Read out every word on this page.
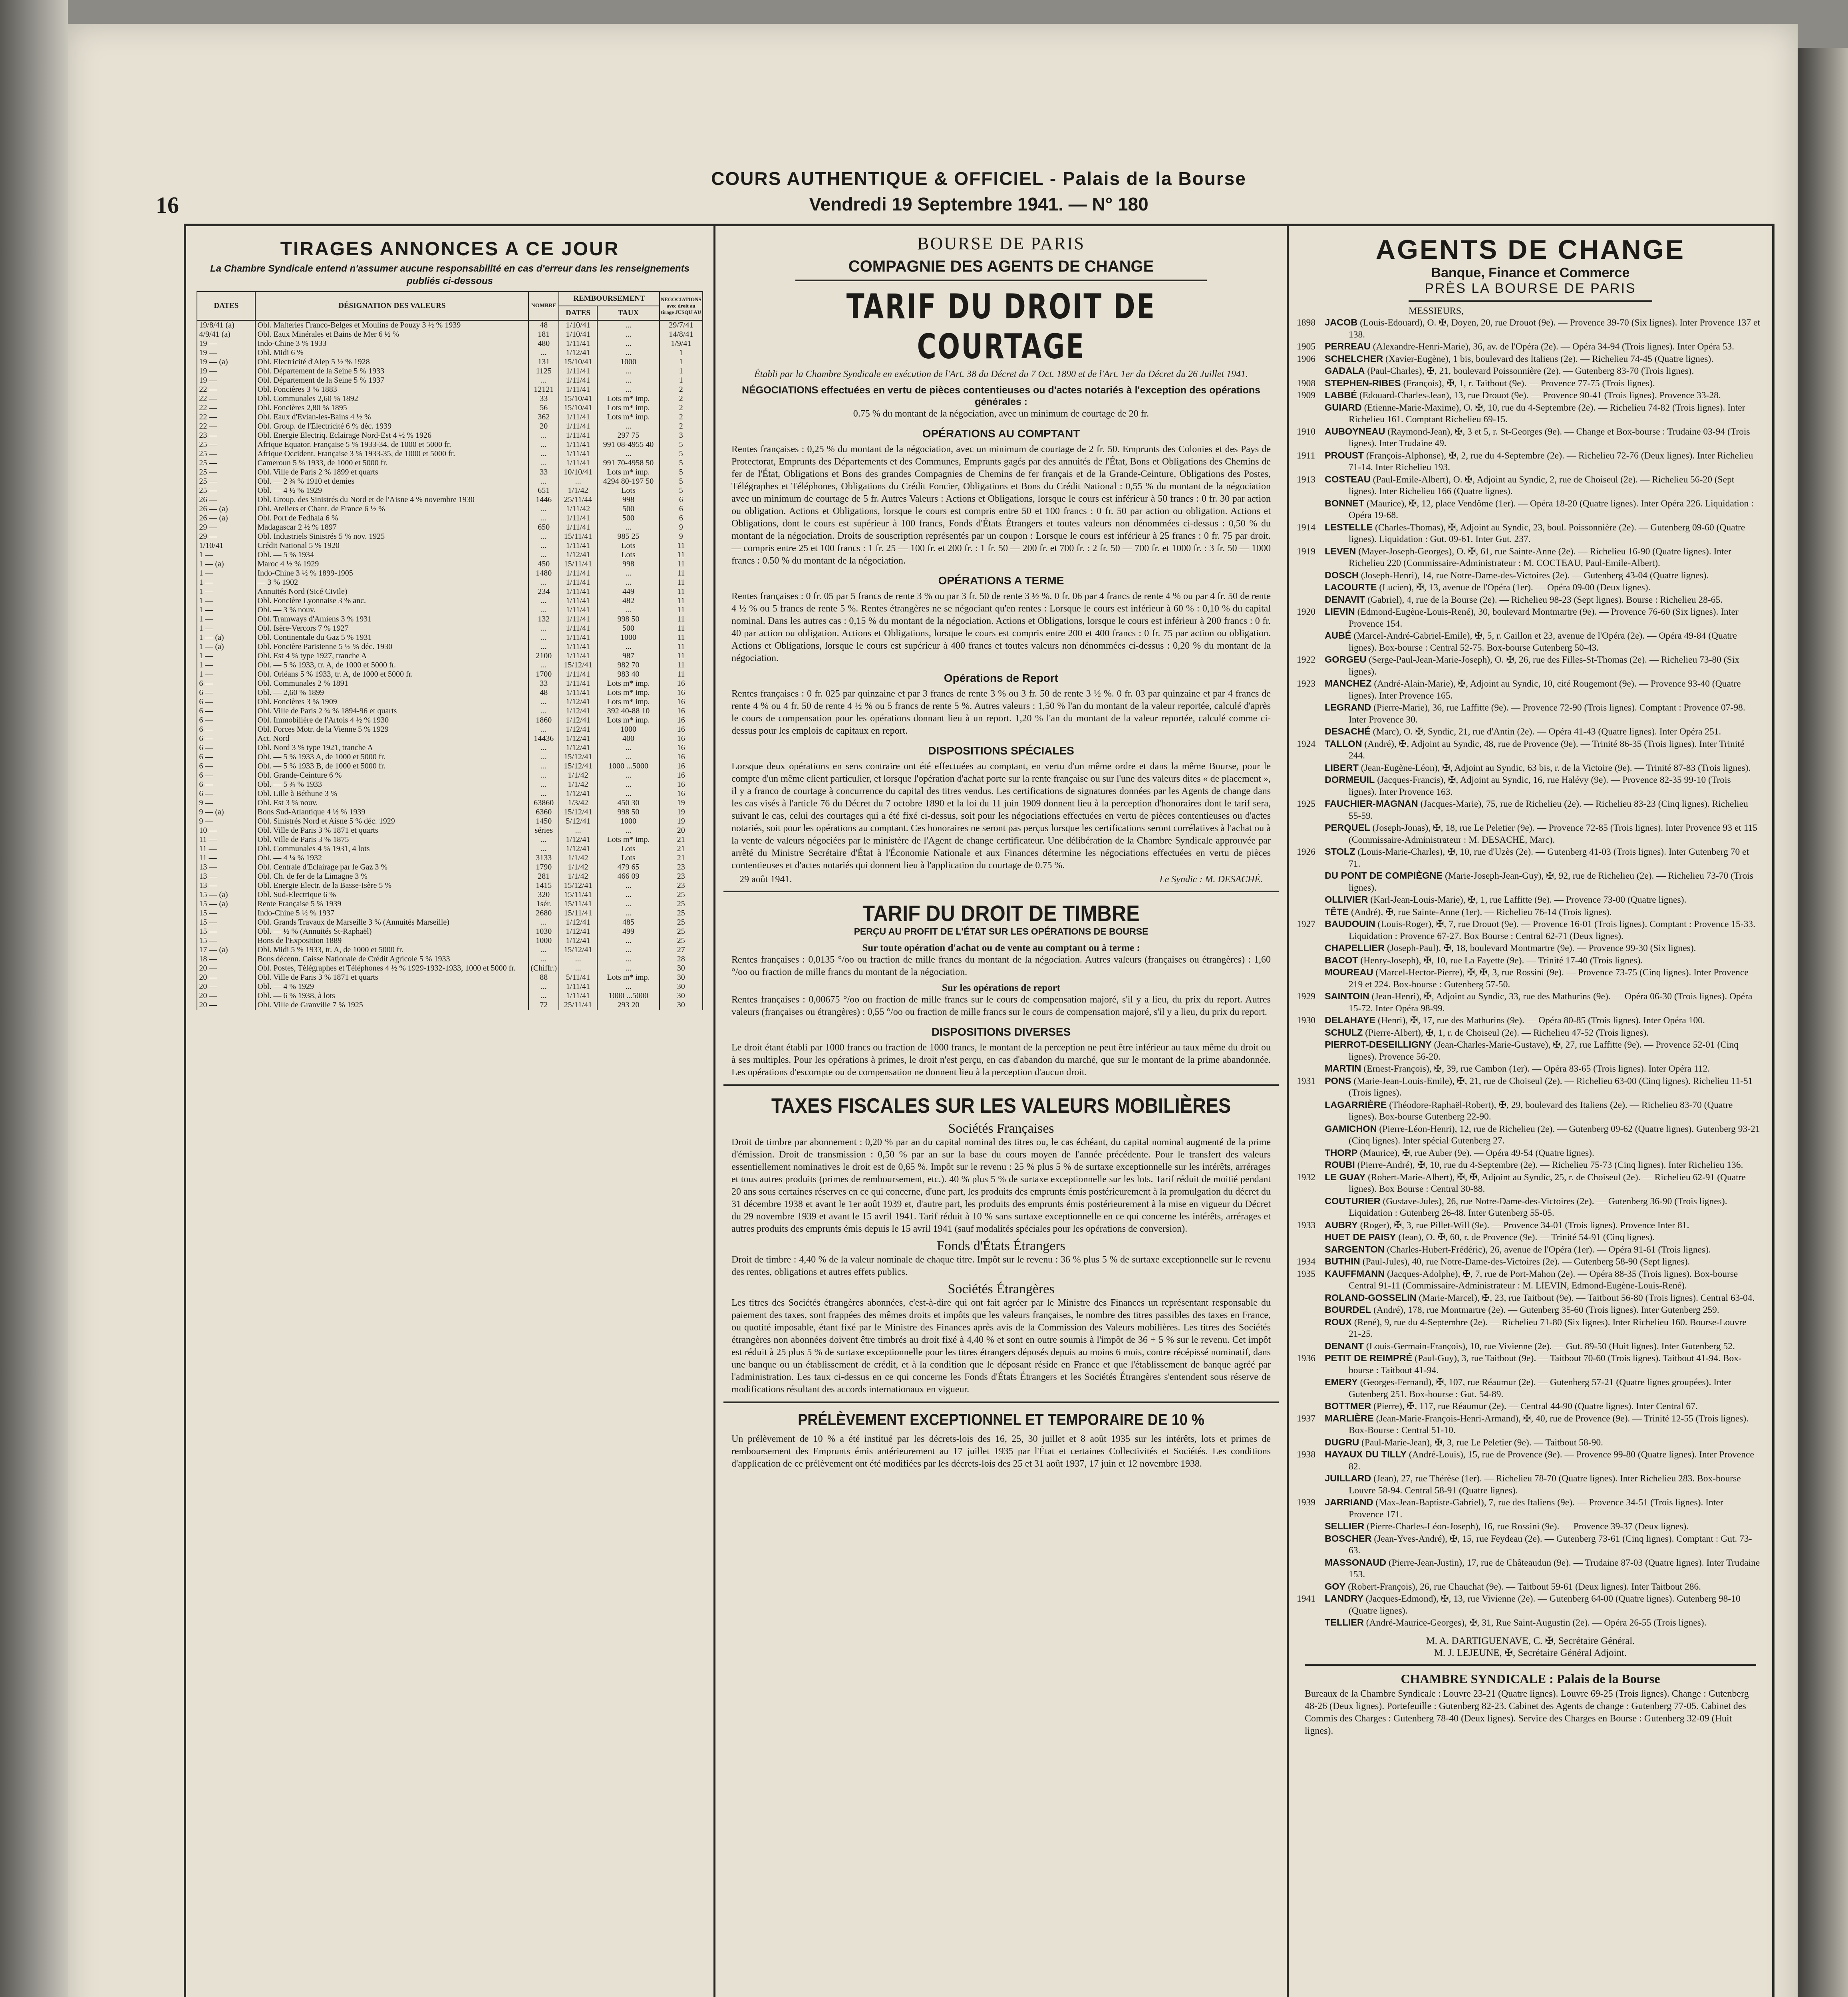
16
COURS AUTHENTIQUE & OFFICIEL - Palais de la Bourse
Vendredi 19 Septembre 1941. — N° 180
TIRAGES ANNONCES A CE JOUR
La Chambre Syndicale entend n'assumer aucune responsabilité en cas d'erreur dans les renseignements publiés ci-dessous
DATES	DÉSIGNATION DES VALEURS	NOMBRE	REMBOURSEMENT		NÉGOCIATIONS avec droit au tirage JUSQU'AU
			DATES	TAUX	
19/8/41 (a)	Obl. Malteries Franco-Belges et Moulins de Pouzy 3 ½ % 1939	48	1/10/41	...	29/7/41
4/9/41 (a)	Obl. Eaux Minérales et Bains de Mer 6 ½ %	181	1/10/41	...	14/8/41
19 —	Indo-Chine 3 % 1933	480	1/11/41	...	1/9/41
19 —	Obl. Midi 6 %	...	1/12/41	...	1
19 — (a)	Obl. Electricité d'Alep 5 ½ % 1928	131	15/10/41	1000	1
19 —	Obl. Département de la Seine 5 % 1933	1125	1/11/41	...	1
19 —	Obl. Département de la Seine 5 % 1937	...	1/11/41	...	1
22 —	Obl. Foncières 3 % 1883	12121	1/11/41	...	2
22 —	Obl. Communales 2,60 % 1892	33	15/10/41	Lots m* imp.	2
22 —	Obl. Foncières 2,80 % 1895	56	15/10/41	Lots m* imp.	2
22 —	Obl. Eaux d'Evian-les-Bains 4 ½ %	362	1/11/41	Lots m* imp.	2
22 —	Obl. Group. de l'Electricité 6 % déc. 1939	20	1/11/41	...	2
23 —	Obl. Energie Electriq. Eclairage Nord-Est 4 ½ % 1926	...	1/11/41	297 75	3
25 —	Afrique Equator. Française 5 % 1933-34, de 1000 et 5000 fr.	...	1/11/41	991 08-4955 40	5
25 —	Afrique Occident. Française 3 % 1933-35, de 1000 et 5000 fr.	...	1/11/41	...	5
25 —	Cameroun 5 % 1933, de 1000 et 5000 fr.	...	1/11/41	991 70-4958 50	5
25 —	Obl. Ville de Paris 2 % 1899 et quarts	33	10/10/41	Lots m* imp.	5
25 —	Obl. — 2 ¾ % 1910 et demies	...	...	4294 80-197 50	5
25 —	Obl. — 4 ½ % 1929	651	1/1/42	Lots	5
26 —	Obl. Group. des Sinistrés du Nord et de l'Aisne 4 % novembre 1930	1446	25/11/44	998	6
26 — (a)	Obl. Ateliers et Chant. de France 6 ½ %	...	1/11/42	500	6
26 — (a)	Obl. Port de Fedhala 6 %	...	1/11/41	500	6
29 —	Madagascar 2 ½ % 1897	650	1/11/41	...	9
29 —	Obl. Industriels Sinistrés 5 % nov. 1925	...	15/11/41	985 25	9
1/10/41	Crédit National 5 % 1920	...	1/11/41	Lots	11
1 —	Obl. — 5 % 1934	...	1/12/41	Lots	11
1 — (a)	Maroc 4 ½ % 1929	450	15/11/41	998	11
1 —	Indo-Chine 3 ½ % 1899-1905	1480	1/11/41	...	11
1 —	— 3 % 1902	...	1/11/41	...	11
1 —	Annuités Nord (Sicé Civile)	234	1/11/41	449	11
1 —	Obl. Foncière Lyonnaise 3 % anc.	...	1/11/41	482	11
1 —	Obl. — 3 % nouv.	...	1/11/41	...	11
1 —	Obl. Tramways d'Amiens 3 % 1931	132	1/11/41	998 50	11
1 —	Obl. Isère-Vercors 7 % 1927	...	1/11/41	500	11
1 — (a)	Obl. Continentale du Gaz 5 % 1931	...	1/11/41	1000	11
1 — (a)	Obl. Foncière Parisienne 5 ½ % déc. 1930	...	1/11/41	...	11
1 —	Obl. Est 4 % type 1927, tranche A	2100	1/11/41	987	11
1 —	Obl. — 5 % 1933, tr. A, de 1000 et 5000 fr.	...	15/12/41	982 70	11
1 —	Obl. Orléans 5 % 1933, tr. A, de 1000 et 5000 fr.	1700	1/11/41	983 40	11
6 —	Obl. Communales 2 % 1891	33	1/11/41	Lots m* imp.	16
6 —	Obl. — 2,60 % 1899	48	1/11/41	Lots m* imp.	16
6 —	Obl. Foncières 3 % 1909	...	1/12/41	Lots m* imp.	16
6 —	Obl. Ville de Paris 2 ¾ % 1894-96 et quarts	...	1/12/41	392 40-88 10	16
6 —	Obl. Immobilière de l'Artois 4 ½ % 1930	1860	1/12/41	Lots m* imp.	16
6 —	Obl. Forces Motr. de la Vienne 5 % 1929	...	1/12/41	1000	16
6 —	Act. Nord	14436	1/12/41	400	16
6 —	Obl. Nord 3 % type 1921, tranche A	...	1/12/41	...	16
6 —	Obl. — 5 % 1933 A, de 1000 et 5000 fr.	...	15/12/41	...	16
6 —	Obl. — 5 % 1933 B, de 1000 et 5000 fr.	...	15/12/41	1000 ...5000	16
6 —	Obl. Grande-Ceinture 6 %	...	1/1/42	...	16
6 —	Obl. — 5 ¾ % 1933	...	1/1/42	...	16
6 —	Obl. Lille à Béthune 3 %	...	1/12/41	...	16
9 —	Obl. Est 3 % nouv.	63860	1/3/42	450 30	19
9 — (a)	Bons Sud-Atlantique 4 ½ % 1939	6360	15/12/41	998 50	19
9 —	Obl. Sinistrés Nord et Aisne 5 % déc. 1929	1450	5/12/41	1000	19
10 —	Obl. Ville de Paris 3 % 1871 et quarts	séries	...	...	20
11 —	Obl. Ville de Paris 3 % 1875	...	1/12/41	Lots m* imp.	21
11 —	Obl. Communales 4 % 1931, 4 lots	...	1/12/41	Lots	21
11 —	Obl. — 4 ¼ % 1932	3133	1/1/42	Lots	21
13 —	Obl. Centrale d'Eclairage par le Gaz 3 %	1790	1/1/42	479 65	23
13 —	Obl. Ch. de fer de la Limagne 3 %	281	1/1/42	466 09	23
13 —	Obl. Energie Electr. de la Basse-Isère 5 %	1415	15/12/41	...	23
15 — (a)	Obl. Sud-Electrique 6 %	320	15/11/41	...	25
15 — (a)	Rente Française 5 % 1939	1sér.	15/11/41	...	25
15 —	Indo-Chine 5 ½ % 1937	2680	15/11/41	...	25
15 —	Obl. Grands Travaux de Marseille 3 % (Annuités Marseille)	...	1/12/41	485	25
15 —	Obl. — ½ % (Annuités St-Raphaël)	1030	1/12/41	499	25
15 —	Bons de l'Exposition 1889	1000	1/12/41	...	25
17 — (a)	Obl. Midi 5 % 1933, tr. A, de 1000 et 5000 fr.	...	15/12/41	...	27
18 —	Bons décenn. Caisse Nationale de Crédit Agricole 5 % 1933	...	...	...	28
20 —	Obl. Postes, Télégraphes et Téléphones 4 ½ % 1929-1932-1933, 1000 et 5000 fr.	(Chiffr.)	...	...	30
20 —	Obl. Ville de Paris 3 % 1871 et quarts	88	5/11/41	Lots m* imp.	30
20 —	Obl. — 4 % 1929	...	1/11/41	...	30
20 —	Obl. — 6 % 1938, à lots	...	1/11/41	1000 ...5000	30
20 —	Obl. Ville de Granville 7 % 1925	72	25/11/41	293 20	30
BOURSE DE PARIS
COMPAGNIE DES AGENTS DE CHANGE
TARIF DU DROIT DE COURTAGE
Établi par la Chambre Syndicale en exécution de l'Art. 38 du Décret du 7 Oct. 1890 et de l'Art. 1er du Décret du 26 Juillet 1941.
NÉGOCIATIONS effectuées en vertu de pièces contentieuses ou d'actes notariés à l'exception des opérations générales :
0.75 % du montant de la négociation, avec un minimum de courtage de 20 fr.
OPÉRATIONS AU COMPTANT
Rentes françaises : 0,25 % du montant de la négociation, avec un minimum de courtage de 2 fr. 50. Emprunts des Colonies et des Pays de Protectorat, Emprunts des Départements et des Communes, Emprunts gagés par des annuités de l'État, Bons et Obligations des Chemins de fer de l'État, Obligations et Bons des grandes Compagnies de Chemins de fer français et de la Grande-Ceinture, Obligations des Postes, Télégraphes et Téléphones, Obligations du Crédit Foncier, Obligations et Bons du Crédit National : 0,55 % du montant de la négociation avec un minimum de courtage de 5 fr. Autres Valeurs : Actions et Obligations, lorsque le cours est inférieur à 50 francs : 0 fr. 30 par action ou obligation. Actions et Obligations, lorsque le cours est compris entre 50 et 100 francs : 0 fr. 50 par action ou obligation. Actions et Obligations, dont le cours est supérieur à 100 francs, Fonds d'États Étrangers et toutes valeurs non dénommées ci-dessus : 0,50 % du montant de la négociation. Droits de souscription représentés par un coupon : Lorsque le cours est inférieur à 25 francs : 0 fr. 75 par droit. — compris entre 25 et 100 francs : 1 fr. 25 — 100 fr. et 200 fr. : 1 fr. 50 — 200 fr. et 700 fr. : 2 fr. 50 — 700 fr. et 1000 fr. : 3 fr. 50 — 1000 francs : 0.50 % du montant de la négociation.
OPÉRATIONS A TERME
Rentes françaises : 0 fr. 05 par 5 francs de rente 3 % ou par 3 fr. 50 de rente 3 ½ %. 0 fr. 06 par 4 francs de rente 4 % ou par 4 fr. 50 de rente 4 ½ % ou 5 francs de rente 5 %. Rentes étrangères ne se négociant qu'en rentes : Lorsque le cours est inférieur à 60 % : 0,10 % du capital nominal. Dans les autres cas : 0,15 % du montant de la négociation. Actions et Obligations, lorsque le cours est inférieur à 200 francs : 0 fr. 40 par action ou obligation. Actions et Obligations, lorsque le cours est compris entre 200 et 400 francs : 0 fr. 75 par action ou obligation. Actions et Obligations, lorsque le cours est supérieur à 400 francs et toutes valeurs non dénommées ci-dessus : 0,20 % du montant de la négociation.
Opérations de Report
Rentes françaises : 0 fr. 025 par quinzaine et par 3 francs de rente 3 % ou 3 fr. 50 de rente 3 ½ %. 0 fr. 03 par quinzaine et par 4 francs de rente 4 % ou 4 fr. 50 de rente 4 ½ % ou 5 francs de rente 5 %. Autres valeurs : 1,50 % l'an du montant de la valeur reportée, calculé d'après le cours de compensation pour les opérations donnant lieu à un report. 1,20 % l'an du montant de la valeur reportée, calculé comme ci-dessus pour les emplois de capitaux en report.
DISPOSITIONS SPÉCIALES
Lorsque deux opérations en sens contraire ont été effectuées au comptant, en vertu d'un même ordre et dans la même Bourse, pour le compte d'un même client particulier, et lorsque l'opération d'achat porte sur la rente française ou sur l'une des valeurs dites « de placement », il y a franco de courtage à concurrence du capital des titres vendus. Les certifications de signatures données par les Agents de change dans les cas visés à l'article 76 du Décret du 7 octobre 1890 et la loi du 11 juin 1909 donnent lieu à la perception d'honoraires dont le tarif sera, suivant le cas, celui des courtages qui a été fixé ci-dessus, soit pour les négociations effectuées en vertu de pièces contentieuses ou d'actes notariés, soit pour les opérations au comptant. Ces honoraires ne seront pas perçus lorsque les certifications seront corrélatives à l'achat ou à la vente de valeurs négociées par le ministère de l'Agent de change certificateur. Une délibération de la Chambre Syndicale approuvée par arrêté du Ministre Secrétaire d'État à l'Économie Nationale et aux Finances détermine les négociations effectuées en vertu de pièces contentieuses et d'actes notariés qui donnent lieu à l'application du courtage de 0.75 %.
29 août 1941.	Le Syndic : M. DESACHÉ.
TARIF DU DROIT DE TIMBRE
PERÇU AU PROFIT DE L'ÉTAT SUR LES OPÉRATIONS DE BOURSE
Sur toute opération d'achat ou de vente au comptant ou à terme :
Rentes françaises : 0,0135 °/oo ou fraction de mille francs du montant de la négociation. Autres valeurs (françaises ou étrangères) : 1,60 °/oo ou fraction de mille francs du montant de la négociation.
Sur les opérations de report
Rentes françaises : 0,00675 °/oo ou fraction de mille francs sur le cours de compensation majoré, s'il y a lieu, du prix du report. Autres valeurs (françaises ou étrangères) : 0,55 °/oo ou fraction de mille francs sur le cours de compensation majoré, s'il y a lieu, du prix du report.
DISPOSITIONS DIVERSES
Le droit étant établi par 1000 francs ou fraction de 1000 francs, le montant de la perception ne peut être inférieur au taux même du droit ou à ses multiples. Pour les opérations à primes, le droit n'est perçu, en cas d'abandon du marché, que sur le montant de la prime abandonnée. Les opérations d'escompte ou de compensation ne donnent lieu à la perception d'aucun droit.
TAXES FISCALES SUR LES VALEURS MOBILIÈRES
Sociétés Françaises
Droit de timbre par abonnement : 0,20 % par an du capital nominal des titres ou, le cas échéant, du capital nominal augmenté de la prime d'émission. Droit de transmission : 0,50 % par an sur la base du cours moyen de l'année précédente. Pour le transfert des valeurs essentiellement nominatives le droit est de 0,65 %. Impôt sur le revenu : 25 % plus 5 % de surtaxe exceptionnelle sur les intérêts, arrérages et tous autres produits (primes de remboursement, etc.). 40 % plus 5 % de surtaxe exceptionnelle sur les lots. Tarif réduit de moitié pendant 20 ans sous certaines réserves en ce qui concerne, d'une part, les produits des emprunts émis postérieurement à la promulgation du décret du 31 décembre 1938 et avant le 1er août 1939 et, d'autre part, les produits des emprunts émis postérieurement à la mise en vigueur du Décret du 29 novembre 1939 et avant le 15 avril 1941. Tarif réduit à 10 % sans surtaxe exceptionnelle en ce qui concerne les intérêts, arrérages et autres produits des emprunts émis depuis le 15 avril 1941 (sauf modalités spéciales pour les opérations de conversion).
Fonds d'États Étrangers
Droit de timbre : 4,40 % de la valeur nominale de chaque titre. Impôt sur le revenu : 36 % plus 5 % de surtaxe exceptionnelle sur le revenu des rentes, obligations et autres effets publics.
Sociétés Étrangères
Les titres des Sociétés étrangères abonnées, c'est-à-dire qui ont fait agréer par le Ministre des Finances un représentant responsable du paiement des taxes, sont frappées des mêmes droits et impôts que les valeurs françaises, le nombre des titres passibles des taxes en France, ou quotité imposable, étant fixé par le Ministre des Finances après avis de la Commission des Valeurs mobilières. Les titres des Sociétés étrangères non abonnées doivent être timbrés au droit fixé à 4,40 % et sont en outre soumis à l'impôt de 36 + 5 % sur le revenu. Cet impôt est réduit à 25 plus 5 % de surtaxe exceptionnelle pour les titres étrangers déposés depuis au moins 6 mois, contre récépissé nominatif, dans une banque ou un établissement de crédit, et à la condition que le déposant réside en France et que l'établissement de banque agréé par l'administration. Les taux ci-dessus en ce qui concerne les Fonds d'États Étrangers et les Sociétés Étrangères s'entendent sous réserve de modifications résultant des accords internationaux en vigueur.
PRÉLÈVEMENT EXCEPTIONNEL ET TEMPORAIRE DE 10 %
Un prélèvement de 10 % a été institué par les décrets-lois des 16, 25, 30 juillet et 8 août 1935 sur les intérêts, lots et primes de remboursement des Emprunts émis antérieurement au 17 juillet 1935 par l'État et certaines Collectivités et Sociétés. Les conditions d'application de ce prélèvement ont été modifiées par les décrets-lois des 25 et 31 août 1937, 17 juin et 12 novembre 1938.
AGENTS DE CHANGE
Banque, Finance et Commerce
PRÈS LA BOURSE DE PARIS
MESSIEURS,
1898 JACOB (Louis-Edouard), O. ✠, Doyen, 20, rue Drouot (9e). — Provence 39-70 (Six lignes). Inter Provence 137 et 138.
1905 PERREAU (Alexandre-Henri-Marie), 36, av. de l'Opéra (2e). — Opéra 34-94 (Trois lignes). Inter Opéra 53.
1906 SCHELCHER (Xavier-Eugène), 1 bis, boulevard des Italiens (2e). — Richelieu 74-45 (Quatre lignes).
GADALA (Paul-Charles), ✠, 21, boulevard Poissonnière (2e). — Gutenberg 83-70 (Trois lignes).
1908 STEPHEN-RIBES (François), ✠, 1, r. Taitbout (9e). — Provence 77-75 (Trois lignes).
1909 LABBÉ (Edouard-Charles-Jean), 13, rue Drouot (9e). — Provence 90-41 (Trois lignes). Provence 33-28.
GUIARD (Etienne-Marie-Maxime), O. ✠, 10, rue du 4-Septembre (2e). — Richelieu 74-82 (Trois lignes). Inter Richelieu 161. Comptant Richelieu 69-15.
1910 AUBOYNEAU (Raymond-Jean), ✠, 3 et 5, r. St-Georges (9e). — Change et Box-bourse : Trudaine 03-94 (Trois lignes). Inter Trudaine 49.
1911 PROUST (François-Alphonse), ✠, 2, rue du 4-Septembre (2e). — Richelieu 72-76 (Deux lignes). Inter Richelieu 71-14. Inter Richelieu 193.
1913 COSTEAU (Paul-Emile-Albert), O. ✠, Adjoint au Syndic, 2, rue de Choiseul (2e). — Richelieu 56-20 (Sept lignes). Inter Richelieu 166 (Quatre lignes).
BONNET (Maurice), ✠, 12, place Vendôme (1er). — Opéra 18-20 (Quatre lignes). Inter Opéra 226. Liquidation : Opéra 19-68.
1914 LESTELLE (Charles-Thomas), ✠, Adjoint au Syndic, 23, boul. Poissonnière (2e). — Gutenberg 09-60 (Quatre lignes). Liquidation : Gut. 09-61. Inter Gut. 237.
1919 LEVEN (Mayer-Joseph-Georges), O. ✠, 61, rue Sainte-Anne (2e). — Richelieu 16-90 (Quatre lignes). Inter Richelieu 220 (Commissaire-Administrateur : M. COCTEAU, Paul-Emile-Albert).
DOSCH (Joseph-Henri), 14, rue Notre-Dame-des-Victoires (2e). — Gutenberg 43-04 (Quatre lignes).
LACOURTE (Lucien), ✠, 13, avenue de l'Opéra (1er). — Opéra 09-00 (Deux lignes).
DENAVIT (Gabriel), 4, rue de la Bourse (2e). — Richelieu 98-23 (Sept lignes). Bourse : Richelieu 28-65.
1920 LIEVIN (Edmond-Eugène-Louis-René), 30, boulevard Montmartre (9e). — Provence 76-60 (Six lignes). Inter Provence 154.
AUBÉ (Marcel-André-Gabriel-Emile), ✠, 5, r. Gaillon et 23, avenue de l'Opéra (2e). — Opéra 49-84 (Quatre lignes). Box-bourse : Central 52-75. Box-bourse Gutenberg 50-43.
1922 GORGEU (Serge-Paul-Jean-Marie-Joseph), O. ✠, 26, rue des Filles-St-Thomas (2e). — Richelieu 73-80 (Six lignes).
1923 MANCHEZ (André-Alain-Marie), ✠, Adjoint au Syndic, 10, cité Rougemont (9e). — Provence 93-40 (Quatre lignes). Inter Provence 165.
LEGRAND (Pierre-Marie), 36, rue Laffitte (9e). — Provence 72-90 (Trois lignes). Comptant : Provence 07-98. Inter Provence 30.
DESACHÉ (Marc), O. ✠, Syndic, 21, rue d'Antin (2e). — Opéra 41-43 (Quatre lignes). Inter Opéra 251.
1924 TALLON (André), ✠, Adjoint au Syndic, 48, rue de Provence (9e). — Trinité 86-35 (Trois lignes). Inter Trinité 244.
LIBERT (Jean-Eugène-Léon), ✠, Adjoint au Syndic, 63 bis, r. de la Victoire (9e). — Trinité 87-83 (Trois lignes).
DORMEUIL (Jacques-Francis), ✠, Adjoint au Syndic, 16, rue Halévy (9e). — Provence 82-35 99-10 (Trois lignes). Inter Provence 163.
1925 FAUCHIER-MAGNAN (Jacques-Marie), 75, rue de Richelieu (2e). — Richelieu 83-23 (Cinq lignes). Richelieu 55-59.
PERQUEL (Joseph-Jonas), ✠, 18, rue Le Peletier (9e). — Provence 72-85 (Trois lignes). Inter Provence 93 et 115 (Commissaire-Administrateur : M. DESACHÉ, Marc).
1926 STOLZ (Louis-Marie-Charles), ✠, 10, rue d'Uzès (2e). — Gutenberg 41-03 (Trois lignes). Inter Gutenberg 70 et 71.
DU PONT DE COMPIÈGNE (Marie-Joseph-Jean-Guy), ✠, 92, rue de Richelieu (2e). — Richelieu 73-70 (Trois lignes).
OLLIVIER (Karl-Jean-Louis-Marie), ✠, 1, rue Laffitte (9e). — Provence 73-00 (Quatre lignes).
TÊTE (André), ✠, rue Sainte-Anne (1er). — Richelieu 76-14 (Trois lignes).
1927 BAUDOUIN (Louis-Roger), ✠, 7, rue Drouot (9e). — Provence 16-01 (Trois lignes). Comptant : Provence 15-33. Liquidation : Provence 67-27. Box Bourse : Central 62-71 (Deux lignes).
CHAPELLIER (Joseph-Paul), ✠, 18, boulevard Montmartre (9e). — Provence 99-30 (Six lignes).
BACOT (Henry-Joseph), ✠, 10, rue La Fayette (9e). — Trinité 17-40 (Trois lignes).
MOUREAU (Marcel-Hector-Pierre), ✠, ✠, 3, rue Rossini (9e). — Provence 73-75 (Cinq lignes). Inter Provence 219 et 224. Box-bourse : Gutenberg 57-50.
1929 SAINTOIN (Jean-Henri), ✠, Adjoint au Syndic, 33, rue des Mathurins (9e). — Opéra 06-30 (Trois lignes). Opéra 15-72. Inter Opéra 98-99.
1930 DELAHAYE (Henri), ✠, 17, rue des Mathurins (9e). — Opéra 80-85 (Trois lignes). Inter Opéra 100.
SCHULZ (Pierre-Albert), ✠, 1, r. de Choiseul (2e). — Richelieu 47-52 (Trois lignes).
PIERROT-DESEILLIGNY (Jean-Charles-Marie-Gustave), ✠, 27, rue Laffitte (9e). — Provence 52-01 (Cinq lignes). Provence 56-20.
MARTIN (Ernest-François), ✠, 39, rue Cambon (1er). — Opéra 83-65 (Trois lignes). Inter Opéra 112.
1931 PONS (Marie-Jean-Louis-Emile), ✠, 21, rue de Choiseul (2e). — Richelieu 63-00 (Cinq lignes). Richelieu 11-51 (Trois lignes).
LAGARRIÈRE (Théodore-Raphaël-Robert), ✠, 29, boulevard des Italiens (2e). — Richelieu 83-70 (Quatre lignes). Box-bourse Gutenberg 22-90.
GAMICHON (Pierre-Léon-Henri), 12, rue de Richelieu (2e). — Gutenberg 09-62 (Quatre lignes). Gutenberg 93-21 (Cinq lignes). Inter spécial Gutenberg 27.
THORP (Maurice), ✠, rue Auber (9e). — Opéra 49-54 (Quatre lignes).
ROUBI (Pierre-André), ✠, 10, rue du 4-Septembre (2e). — Richelieu 75-73 (Cinq lignes). Inter Richelieu 136.
1932 LE GUAY (Robert-Marie-Albert), ✠, ✠, Adjoint au Syndic, 25, r. de Choiseul (2e). — Richelieu 62-91 (Quatre lignes). Box Bourse : Central 30-88.
COUTURIER (Gustave-Jules), 26, rue Notre-Dame-des-Victoires (2e). — Gutenberg 36-90 (Trois lignes). Liquidation : Gutenberg 26-48. Inter Gutenberg 55-05.
1933 AUBRY (Roger), ✠, 3, rue Pillet-Will (9e). — Provence 34-01 (Trois lignes). Provence Inter 81.
HUET DE PAISY (Jean), O. ✠, 60, r. de Provence (9e). — Trinité 54-91 (Cinq lignes).
SARGENTON (Charles-Hubert-Frédéric), 26, avenue de l'Opéra (1er). — Opéra 91-61 (Trois lignes).
1934 BUTHIN (Paul-Jules), 40, rue Notre-Dame-des-Victoires (2e). — Gutenberg 58-90 (Sept lignes).
1935 KAUFFMANN (Jacques-Adolphe), ✠, 7, rue de Port-Mahon (2e). — Opéra 88-35 (Trois lignes). Box-bourse Central 91-11 (Commissaire-Administrateur : M. LIEVIN, Edmond-Eugène-Louis-René).
ROLAND-GOSSELIN (Marie-Marcel), ✠, 23, rue Taitbout (9e). — Taitbout 56-80 (Trois lignes). Central 63-04.
BOURDEL (André), 178, rue Montmartre (2e). — Gutenberg 35-60 (Trois lignes). Inter Gutenberg 259.
ROUX (René), 9, rue du 4-Septembre (2e). — Richelieu 71-80 (Six lignes). Inter Richelieu 160. Bourse-Louvre 21-25.
DENANT (Louis-Germain-François), 10, rue Vivienne (2e). — Gut. 89-50 (Huit lignes). Inter Gutenberg 52.
1936 PETIT DE REIMPRÉ (Paul-Guy), 3, rue Taitbout (9e). — Taitbout 70-60 (Trois lignes). Taitbout 41-94. Box-bourse : Taitbout 41-94.
EMERY (Georges-Fernand), ✠, 107, rue Réaumur (2e). — Gutenberg 57-21 (Quatre lignes groupées). Inter Gutenberg 251. Box-bourse : Gut. 54-89.
BOTTMER (Pierre), ✠, 117, rue Réaumur (2e). — Central 44-90 (Quatre lignes). Inter Central 67.
1937 MARLIÈRE (Jean-Marie-François-Henri-Armand), ✠, 40, rue de Provence (9e). — Trinité 12-55 (Trois lignes). Box-Bourse : Central 51-10.
DUGRU (Paul-Marie-Jean), ✠, 3, rue Le Peletier (9e). — Taitbout 58-90.
1938 HAYAUX DU TILLY (André-Louis), 15, rue de Provence (9e). — Provence 99-80 (Quatre lignes). Inter Provence 82.
JUILLARD (Jean), 27, rue Thérèse (1er). — Richelieu 78-70 (Quatre lignes). Inter Richelieu 283. Box-bourse Louvre 58-94. Central 58-91 (Quatre lignes).
1939 JARRIAND (Max-Jean-Baptiste-Gabriel), 7, rue des Italiens (9e). — Provence 34-51 (Trois lignes). Inter Provence 171.
SELLIER (Pierre-Charles-Léon-Joseph), 16, rue Rossini (9e). — Provence 39-37 (Deux lignes).
BOSCHER (Jean-Yves-André), ✠, 15, rue Feydeau (2e). — Gutenberg 73-61 (Cinq lignes). Comptant : Gut. 73-63.
MASSONAUD (Pierre-Jean-Justin), 17, rue de Châteaudun (9e). — Trudaine 87-03 (Quatre lignes). Inter Trudaine 153.
GOY (Robert-François), 26, rue Chauchat (9e). — Taitbout 59-61 (Deux lignes). Inter Taitbout 286.
1941 LANDRY (Jacques-Edmond), ✠, 13, rue Vivienne (2e). — Gutenberg 64-00 (Quatre lignes). Gutenberg 98-10 (Quatre lignes).
TELLIER (André-Maurice-Georges), ✠, 31, Rue Saint-Augustin (2e). — Opéra 26-55 (Trois lignes).
M. A. DARTIGUENAVE, C. ✠, Secrétaire Général.
M. J. LEJEUNE, ✠, Secrétaire Général Adjoint.
CHAMBRE SYNDICALE : Palais de la Bourse
Bureaux de la Chambre Syndicale : Louvre 23-21 (Quatre lignes). Louvre 69-25 (Trois lignes). Change : Gutenberg 48-26 (Deux lignes). Portefeuille : Gutenberg 82-23. Cabinet des Agents de change : Gutenberg 77-05. Cabinet des Commis des Charges : Gutenberg 78-40 (Deux lignes). Service des Charges en Bourse : Gutenberg 32-09 (Huit lignes).
